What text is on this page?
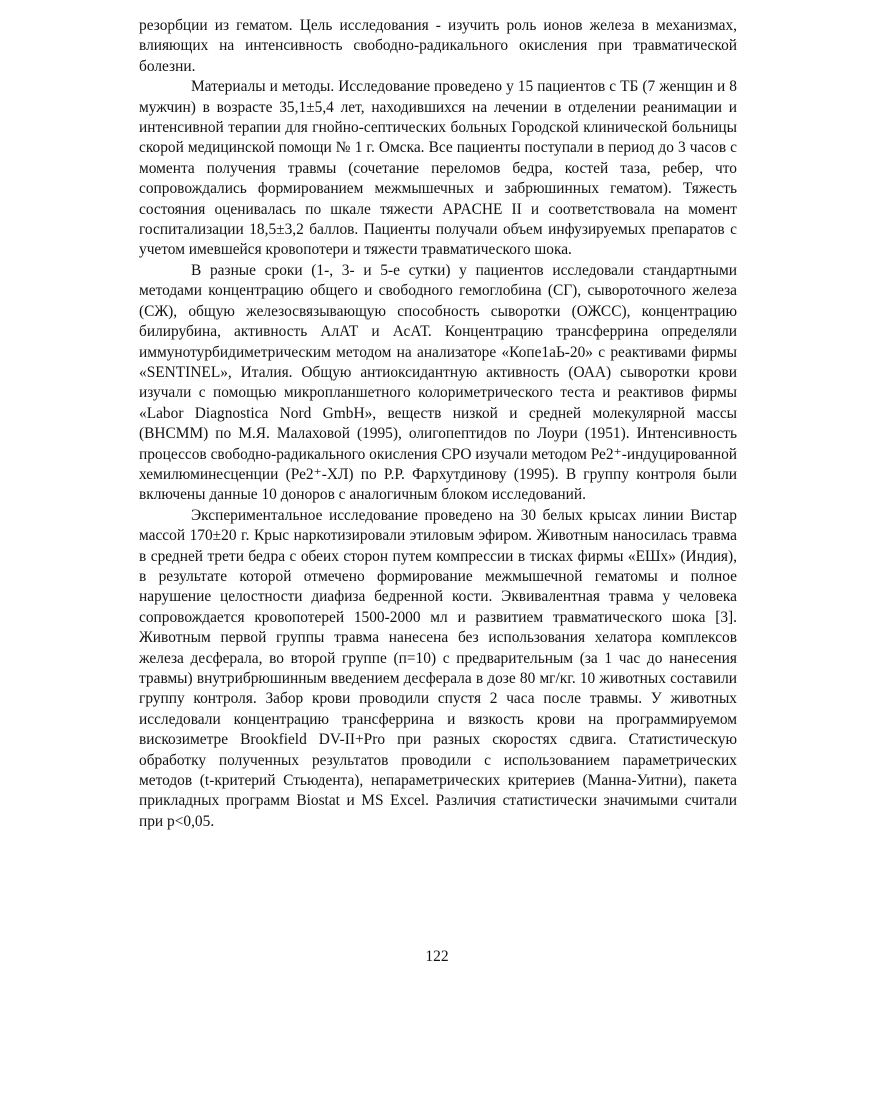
резорбции из гематом. Цель исследования - изучить роль ионов железа в механизмах, влияющих на интенсивность свободно-радикального окисления при травматической болезни.

Материалы и методы. Исследование проведено у 15 пациентов с ТБ (7 женщин и 8 мужчин) в возрасте 35,1±5,4 лет, находившихся на лечении в отделении реанимации и интенсивной терапии для гнойно-септических больных Городской клинической больницы скорой медицинской помощи № 1 г. Омска. Все пациенты поступали в период до 3 часов с момента получения травмы (сочетание переломов бедра, костей таза, ребер, что сопровождались формированием межмышечных и забрюшинных гематом). Тяжесть состояния оценивалась по шкале тяжести APACHE II и соответствовала на момент госпитализации 18,5±3,2 баллов. Пациенты получали объем инфузируемых препаратов с учетом имевшейся кровопотери и тяжести травматического шока.

В разные сроки (1-, 3- и 5-е сутки) у пациентов исследовали стандартными методами концентрацию общего и свободного гемоглобина (СГ), сывороточного железа (СЖ), общую железосвязывающую способность сыворотки (ОЖСС), концентрацию билирубина, активность АлАТ и АсАТ. Концентрацию трансферрина определяли иммунотурбидиметрическим методом на анализаторе «Копе1аЬ-20» с реактивами фирмы «SENTINEL», Италия. Общую антиоксидантную активность (ОАА) сыворотки крови изучали с помощью микропланшетного колориметрического теста и реактивов фирмы «Labor Diagnostica Nord GmbH», веществ низкой и средней молекулярной массы (ВНСММ) по М.Я. Малаховой (1995), олигопептидов по Лоури (1951). Интенсивность процессов свободно-радикального окисления СРО изучали методом Ре2⁺-индуцированной хемилюминесценции (Ре2⁺-ХЛ) по Р.Р. Фархутдинову (1995). В группу контроля были включены данные 10 доноров с аналогичным блоком исследований.

Экспериментальное исследование проведено на 30 белых крысах линии Вистар массой 170±20 г. Крыс наркотизировали этиловым эфиром. Животным наносилась травма в средней трети бедра с обеих сторон путем компрессии в тисках фирмы «ЕШх» (Индия), в результате которой отмечено формирование межмышечной гематомы и полное нарушение целостности диафиза бедренной кости. Эквивалентная травма у человека сопровождается кровопотерей 1500-2000 мл и развитием травматического шока [3]. Животным первой группы травма нанесена без использования хелатора комплексов железа десферала, во второй группе (п=10) с предварительным (за 1 час до нанесения травмы) внутрибрюшинным введением десферала в дозе 80 мг/кг. 10 животных составили группу контроля. Забор крови проводили спустя 2 часа после травмы. У животных исследовали концентрацию трансферрина и вязкость крови на программируемом вискозиметре Brookfield DV-II+Pro при разных скоростях сдвига. Статистическую обработку полученных результатов проводили с использованием параметрических методов (t-критерий Стьюдента), непараметрических критериев (Манна-Уитни), пакета прикладных программ Biostat и MS Excel. Различия статистически значимыми считали при p<0,05.

122
